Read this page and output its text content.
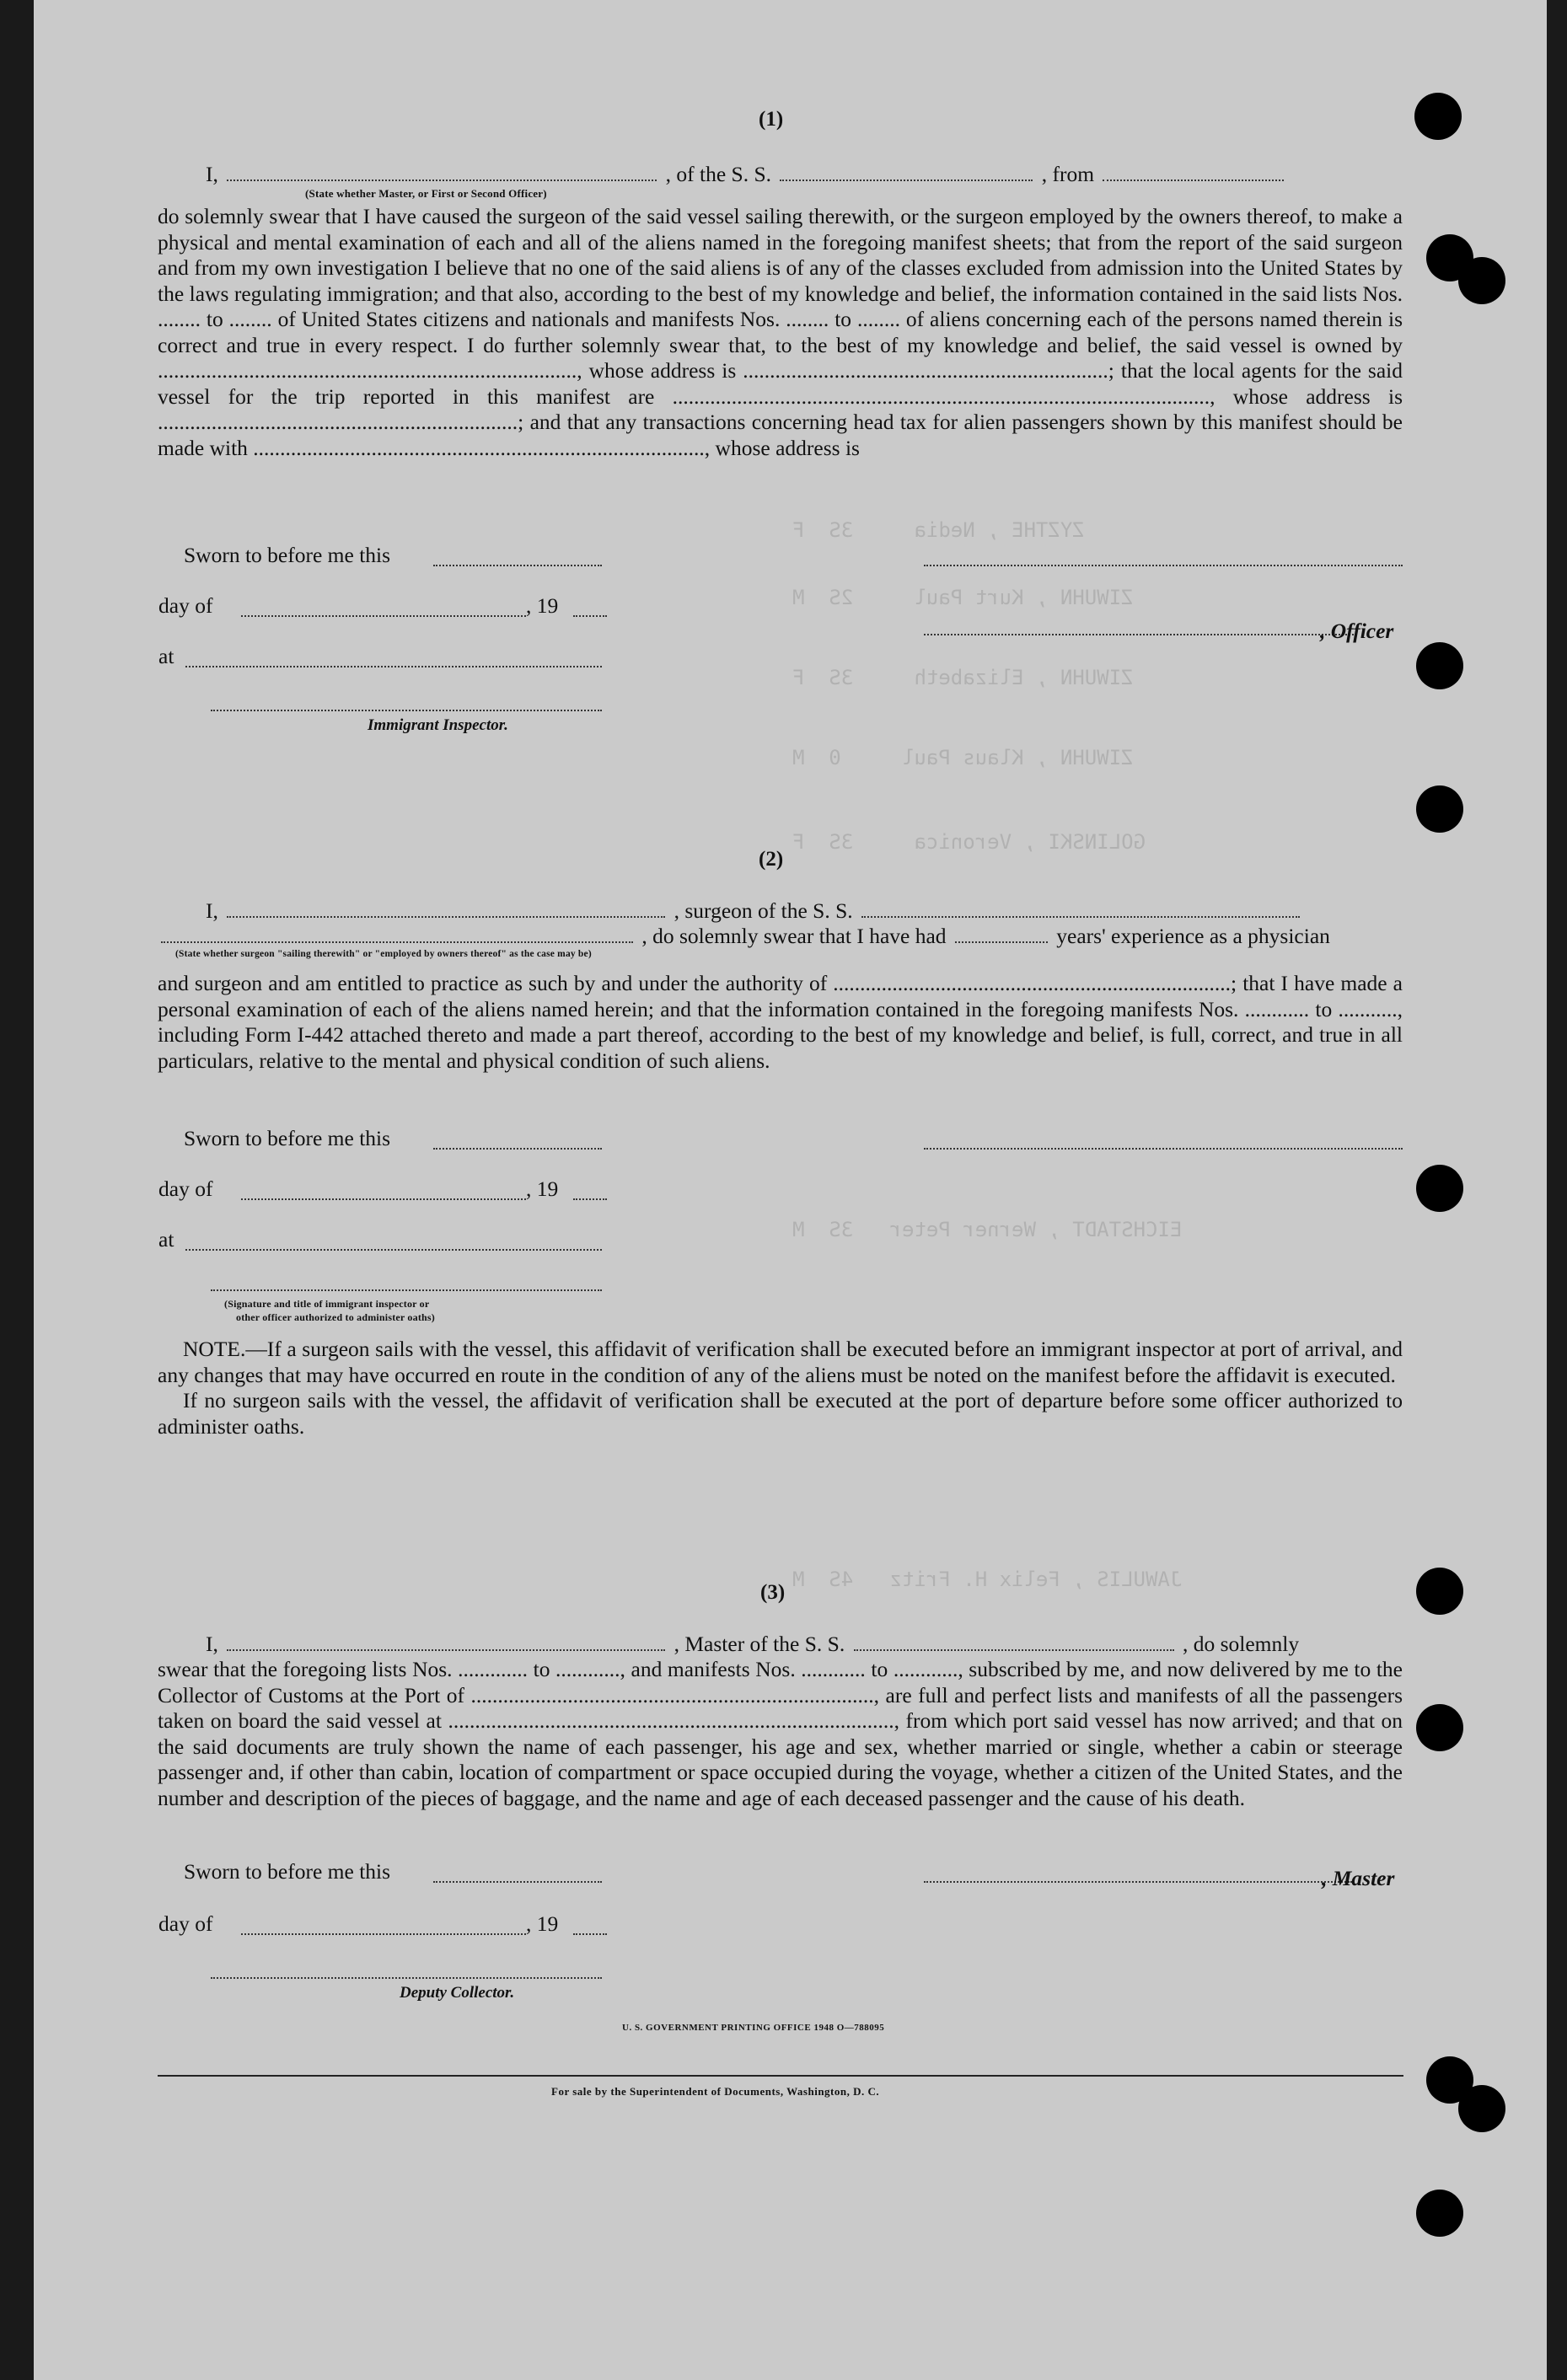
ZYZTHE , Nedia     3S  F
ZIWUHN , Kurt Paul     2S  M
ZIWUHN , Elizabeth     3S  F
ZIWUHN , Klaus Paul     0  M
GOLINSKI , Veronica     3S  F
EICHSTADT , Werner Peter   3S  M
JAWULIS , Felix H. Fritz   4S  M
(1)
I,	, of the S. S.	, from
(State whether Master, or First or Second Officer)

do solemnly swear that I have caused the surgeon of the said vessel sailing therewith, or the surgeon employed by the owners thereof, to make a physical and mental examination of each and all of the aliens named in the foregoing manifest sheets; that from the report of the said surgeon and from my own investigation I believe that no one of the said aliens is of any of the classes excluded from admission into the United States by the laws regulating immigration; and that also, according to the best of my knowledge and belief, the information contained in the said lists Nos. ........ to ........ of United States citizens and nationals and manifests Nos. ........ to ........ of aliens concerning each of the persons named therein is correct and true in every respect. I do further solemnly swear that, to the best of my knowledge and belief, the said vessel is owned by .............................................................................., whose address is ....................................................................; that the local agents for the said vessel for the trip reported in this manifest are ...................................................................................................., whose address is ...................................................................; and that any transactions concerning head tax for alien passengers shown by this manifest should be made with ...................................................................................., whose address is

Sworn to before me this
day of	, 19
, Officer
at
Immigrant Inspector.
(2)
I,	, surgeon of the S. S.
, do solemnly swear that I have had	years' experience as a physician
(State whether surgeon "sailing therewith" or "employed by owners thereof" as the case may be)

and surgeon and am entitled to practice as such by and under the authority of ..........................................................................; that I have made a personal examination of each of the aliens named herein; and that the information contained in the foregoing manifests Nos. ............ to ..........., including Form I-442 attached thereto and made a part thereof, according to the best of my knowledge and belief, is full, correct, and true in all particulars, relative to the mental and physical condition of such aliens.

Sworn to before me this
day of	, 19
at
(Signature and title of immigrant inspector or
other officer authorized to administer oaths)

NOTE.—If a surgeon sails with the vessel, this affidavit of verification shall be executed before an immigrant inspector at port of arrival, and any changes that may have occurred en route in the condition of any of the aliens must be noted on the manifest before the affidavit is executed.

If no surgeon sails with the vessel, the affidavit of verification shall be executed at the port of departure before some officer authorized to administer oaths.

(3)
I,	, Master of the S. S.	, do solemnly

swear that the foregoing lists Nos. ............. to ............, and manifests Nos. ............ to ............, subscribed by me, and now delivered by me to the Collector of Customs at the Port of ..........................................................................., are full and perfect lists and manifests of all the passengers taken on board the said vessel at ..................................................................................., from which port said vessel has now arrived; and that on the said documents are truly shown the name of each passenger, his age and sex, whether married or single, whether a cabin or steerage passenger and, if other than cabin, location of compartment or space occupied during the voyage, whether a citizen of the United States, and the number and description of the pieces of baggage, and the name and age of each deceased passenger and the cause of his death.

Sworn to before me this	, Master
day of	, 19
Deputy Collector.
U. S. GOVERNMENT PRINTING OFFICE 1948 O—788095
For sale by the Superintendent of Documents, Washington, D. C.
